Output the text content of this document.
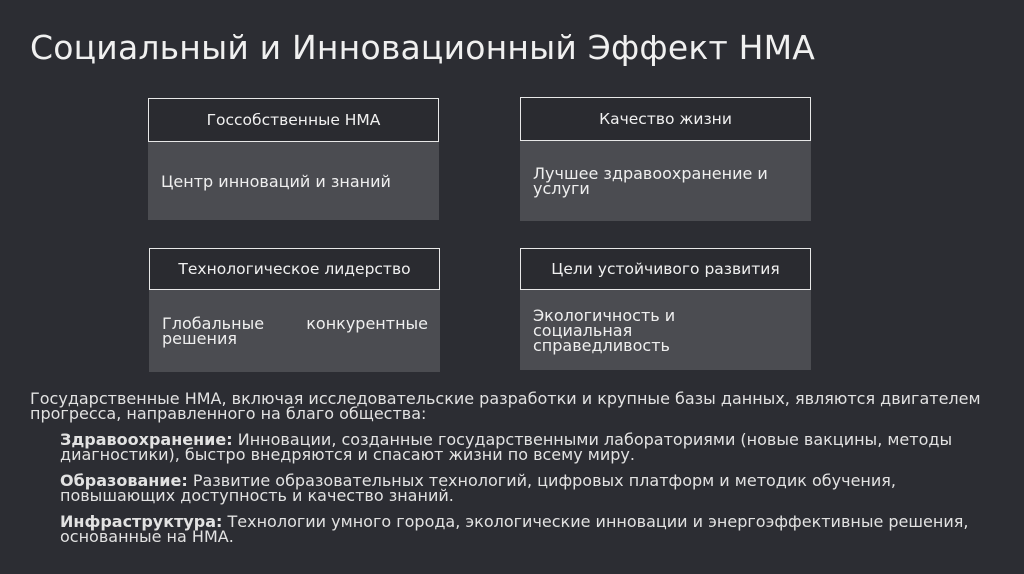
Социальный и Инновационный Эффект НМА
Госсобственные НМА
Центр инноваций и знаний
Качество жизни
Лучшее здравоохранение и услуги
Технологическое лидерство
Глобальные конкурентные решения
Цели устойчивого развития
Экологичность и социальная справедливость

Государственные НМА, включая исследовательские разработки и крупные базы данных, являются двигателем прогресса, направленного на благо общества:

Здравоохранение: Инновации, созданные государственными лабораториями (новые вакцины, методы диагностики), быстро внедряются и спасают жизни по всему миру.

Образование: Развитие образовательных технологий, цифровых платформ и методик обучения, повышающих доступность и качество знаний.

Инфраструктура: Технологии умного города, экологические инновации и энергоэффективные решения, основанные на НМА.
